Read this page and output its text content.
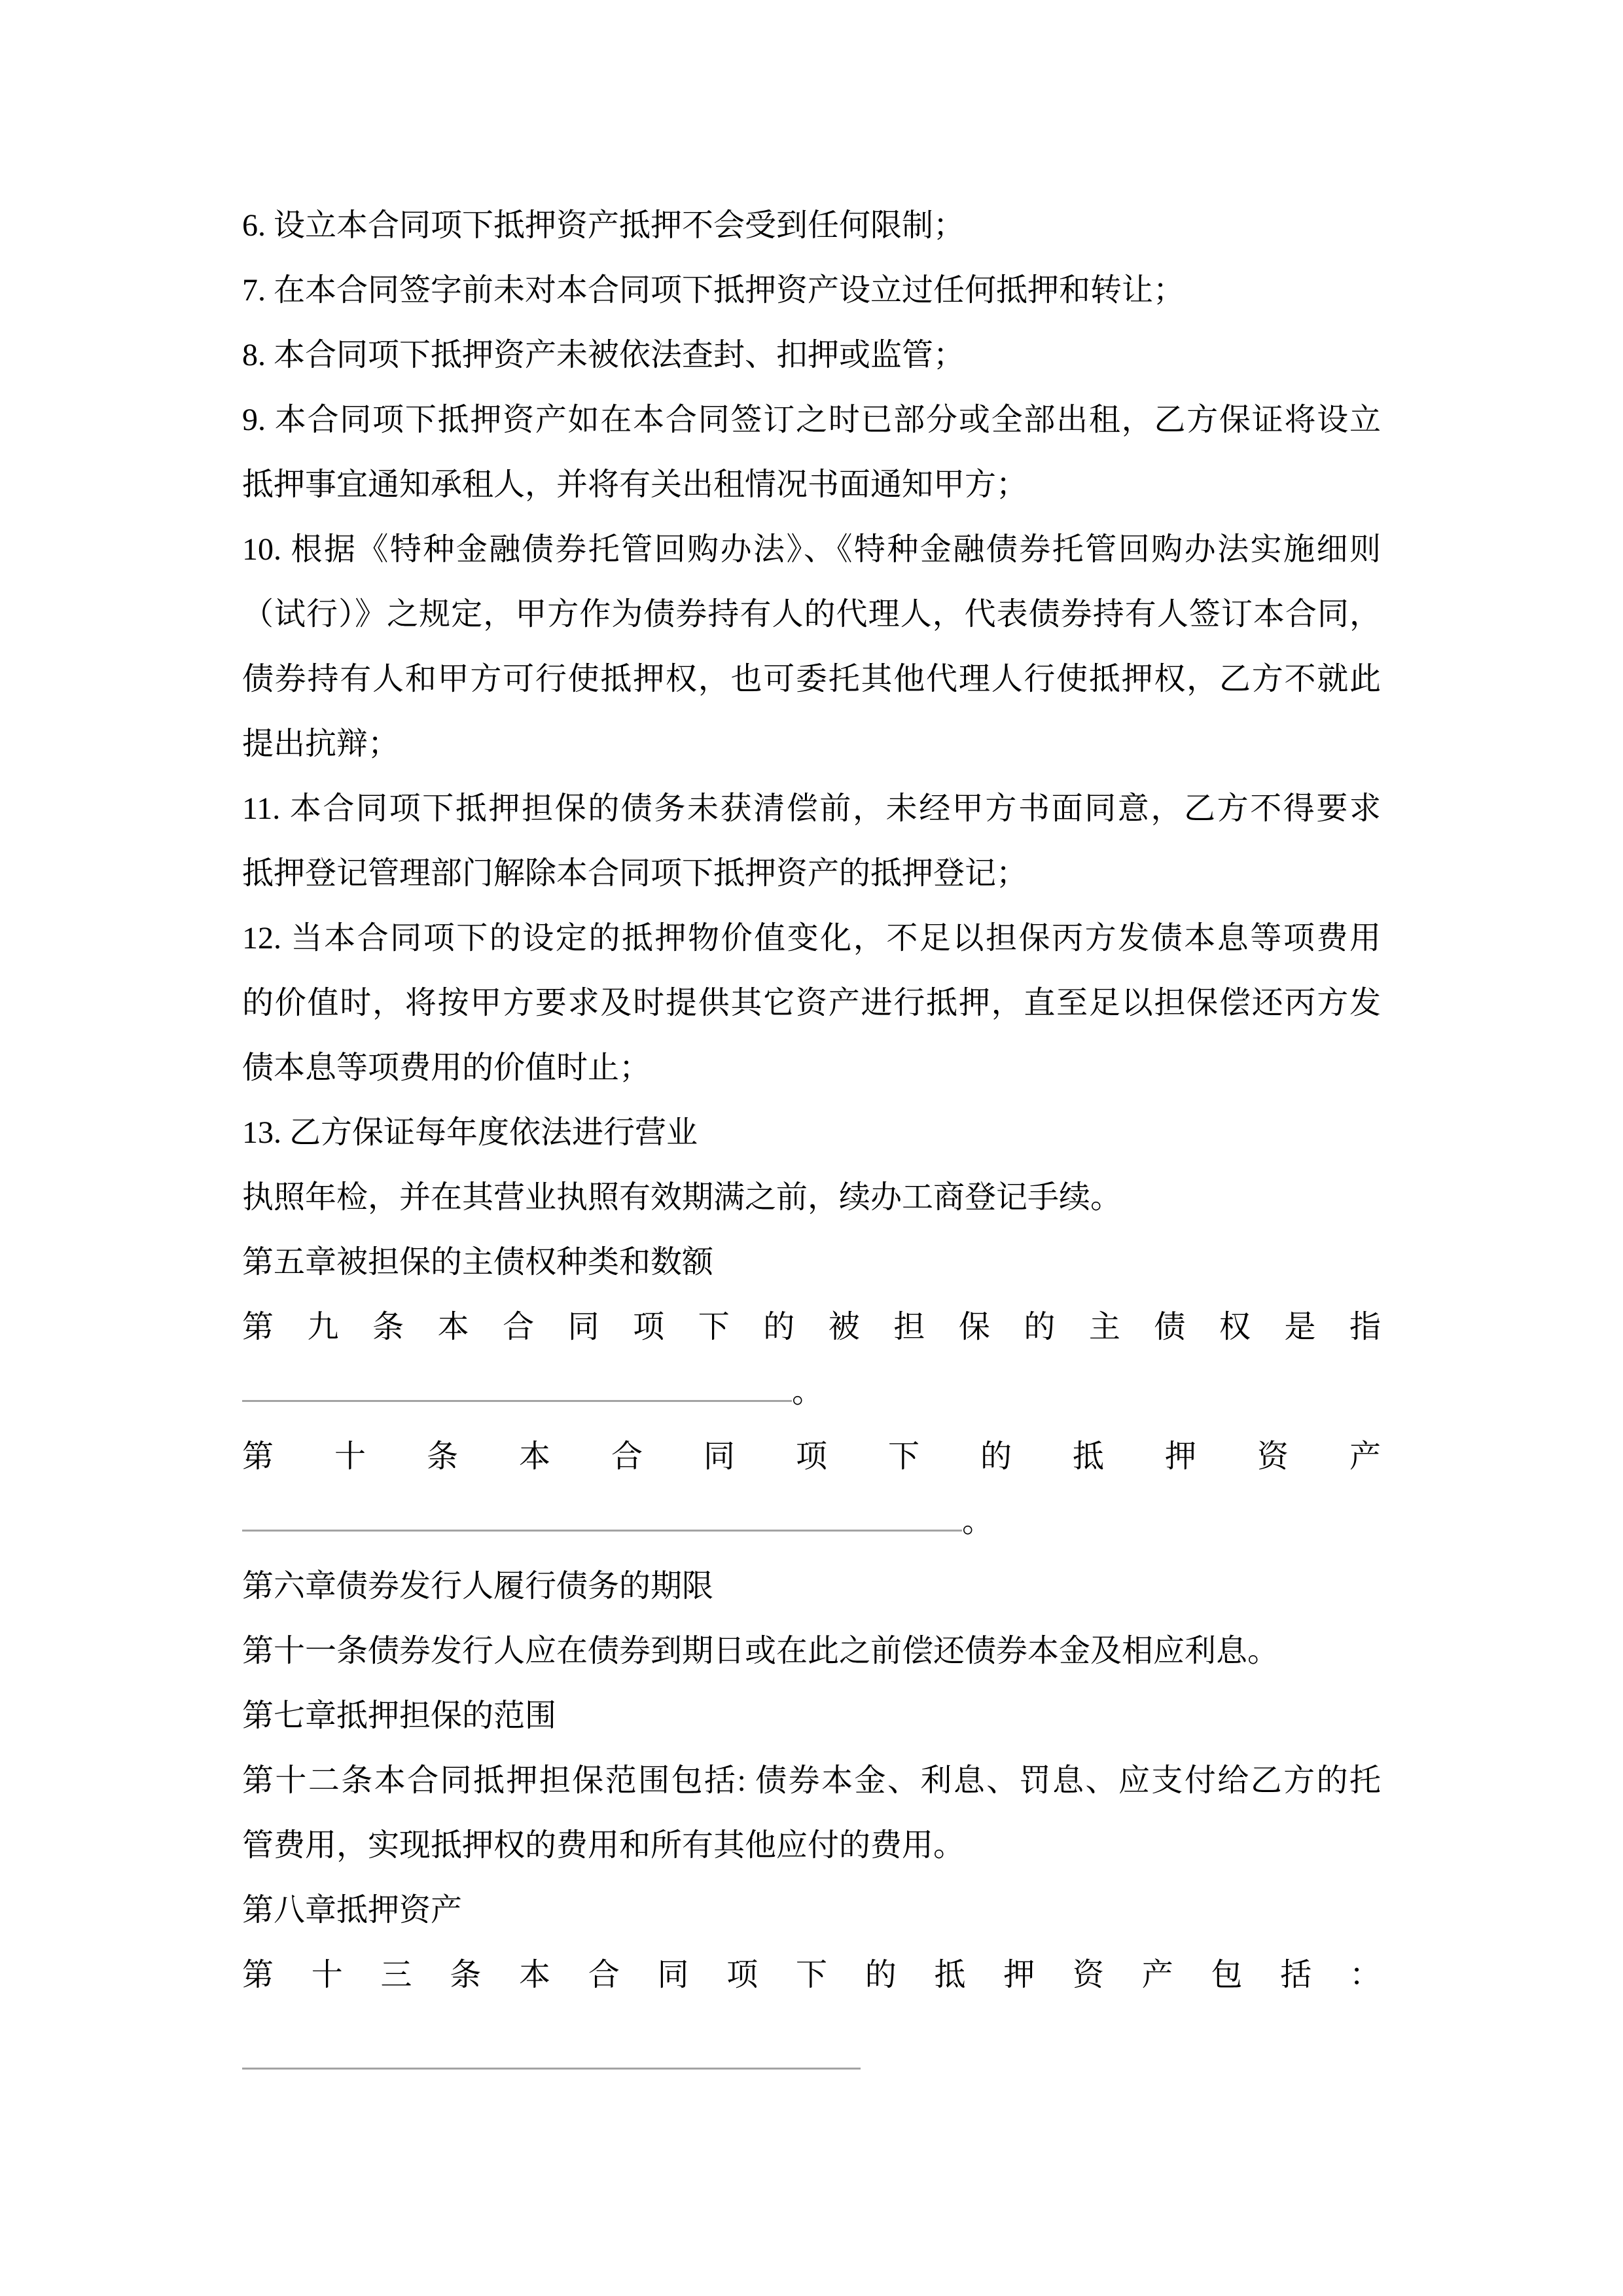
6. 设立本合同项下抵押资产抵押不会受到任何限制；
7. 在本合同签字前未对本合同项下抵押资产设立过任何抵押和转让；
8. 本合同项下抵押资产未被依法查封、扣押或监管；
9. 本合同项下抵押资产如在本合同签订之时已部分或全部出租，乙方保证将设立
抵押事宜通知承租人，并将有关出租情况书面通知甲方；
10. 根据《特种金融债券托管回购办法》、《特种金融债券托管回购办法实施细则
（试行）》之规定，甲方作为债券持有人的代理人，代表债券持有人签订本合同，
债券持有人和甲方可行使抵押权，也可委托其他代理人行使抵押权，乙方不就此
提出抗辩；
11. 本合同项下抵押担保的债务未获清偿前，未经甲方书面同意，乙方不得要求
抵押登记管理部门解除本合同项下抵押资产的抵押登记；
12. 当本合同项下的设定的抵押物价值变化，不足以担保丙方发债本息等项费用
的价值时，将按甲方要求及时提供其它资产进行抵押，直至足以担保偿还丙方发
债本息等项费用的价值时止；
13. 乙方保证每年度依法进行营业
执照年检，并在其营业执照有效期满之前，续办工商登记手续。
第五章被担保的主债权种类和数额
第九条本合同项下的被担保的主债权是指
。
第十条本合同项下的抵押资产
。
第六章债券发行人履行债务的期限
第十一条债券发行人应在债券到期日或在此之前偿还债券本金及相应利息。
第七章抵押担保的范围
第十二条本合同抵押担保范围包括: 债券本金、利息、罚息、应支付给乙方的托
管费用，实现抵押权的费用和所有其他应付的费用。
第八章抵押资产
第十三条本合同项下的抵押资产包括：
